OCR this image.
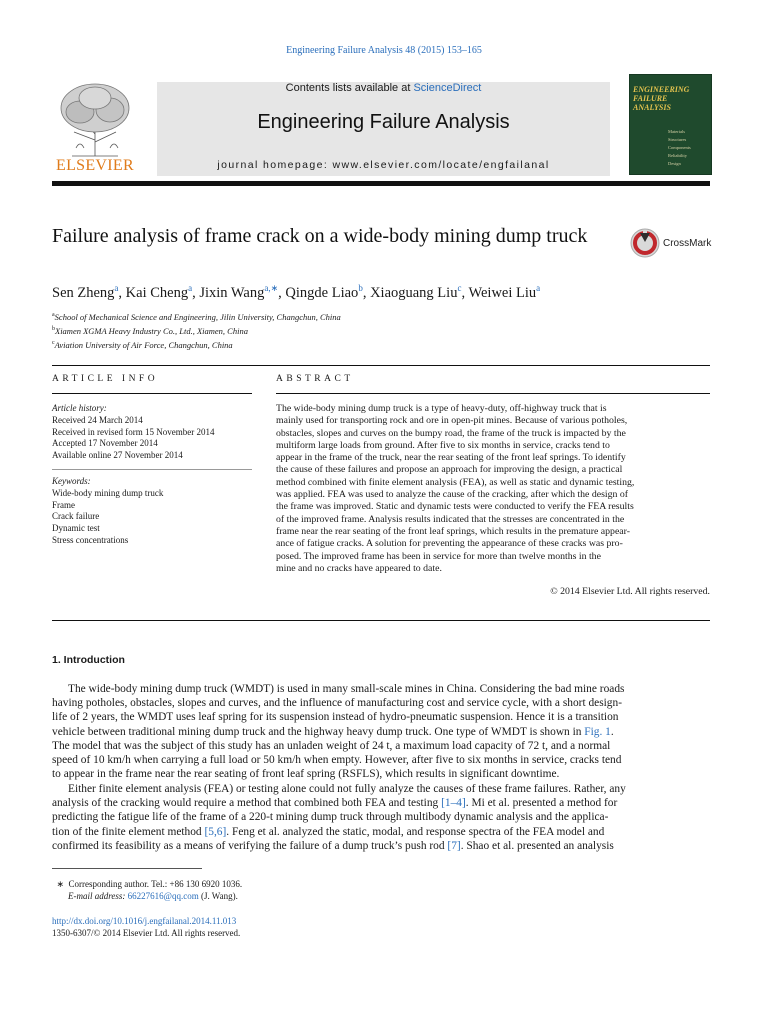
Engineering Failure Analysis 48 (2015) 153–165
ELSEVIER
Contents lists available at ScienceDirect
Engineering Failure Analysis
journal homepage: www.elsevier.com/locate/engfailanal
ENGINEERING
FAILURE
ANALYSIS
Materials
Structures
Components
Reliability
Design
Failure analysis of frame crack on a wide-body mining dump truck	CrossMark
Sen Zheng$^a$, Kai Cheng$^a$, Jixin Wang$^{a,∗}$, Qingde Liao$^b$, Xiaoguang Liu$^c$, Weiwei Liu$^a$
$^a$School of Mechanical Science and Engineering, Jilin University, Changchun, China
$^b$Xiamen XGMA Heavy Industry Co., Ltd., Xiamen, China
$^c$Aviation University of Air Force, Changchun, China
ARTICLE INFO	ABSTRACT
Article history:
Received 24 March 2014
Received in revised form 15 November 2014
Accepted 17 November 2014
Available online 27 November 2014
Keywords:
Wide-body mining dump truck
Frame
Crack failure
Dynamic test
Stress concentrations
The wide-body mining dump truck is a type of heavy-duty, off-highway truck that is
mainly used for transporting rock and ore in open-pit mines. Because of various potholes,
obstacles, slopes and curves on the bumpy road, the frame of the truck is impacted by the
multiform large loads from ground. After five to six months in service, cracks tend to
appear in the frame of the truck, near the rear seating of the front leaf springs. To identify
the cause of these failures and propose an approach for improving the design, a practical
method combined with finite element analysis (FEA), as well as static and dynamic testing,
was applied. FEA was used to analyze the cause of the cracking, after which the design of
the frame was improved. Static and dynamic tests were conducted to verify the FEA results
of the improved frame. Analysis results indicated that the stresses are concentrated in the
frame near the rear seating of the front leaf springs, which results in the premature appear-
ance of fatigue cracks. A solution for preventing the appearance of these cracks was pro-
posed. The improved frame has been in service for more than twelve months in the
mine and no cracks have appeared to date.
© 2014 Elsevier Ltd. All rights reserved.
1. Introduction
The wide-body mining dump truck (WMDT) is used in many small-scale mines in China. Considering the bad mine roads
having potholes, obstacles, slopes and curves, and the influence of manufacturing cost and service cycle, with a short design-
life of 2 years, the WMDT uses leaf spring for its suspension instead of hydro-pneumatic suspension. Hence it is a transition
vehicle between traditional mining dump truck and the highway heavy dump truck. One type of WMDT is shown in Fig. 1.
The model that was the subject of this study has an unladen weight of 24 t, a maximum load capacity of 72 t, and a normal
speed of 10 km/h when carrying a full load or 50 km/h when empty. However, after five to six months in service, cracks tend
to appear in the frame near the rear seating of front leaf spring (RSFLS), which results in significant downtime.
Either finite element analysis (FEA) or testing alone could not fully analyze the causes of these frame failures. Rather, any
analysis of the cracking would require a method that combined both FEA and testing [1–4]. Mi et al. presented a method for
predicting the fatigue life of the frame of a 220-t mining dump truck through multibody dynamic analysis and the applica-
tion of the finite element method [5,6]. Feng et al. analyzed the static, modal, and response spectra of the FEA model and
confirmed its feasibility as a means of verifying the failure of a dump truck’s push rod [7]. Shao et al. presented an analysis
∗  Corresponding author. Tel.: +86 130 6920 1036.
E-mail address: 66227616@qq.com (J. Wang).
http://dx.doi.org/10.1016/j.engfailanal.2014.11.013
1350-6307/© 2014 Elsevier Ltd. All rights reserved.
